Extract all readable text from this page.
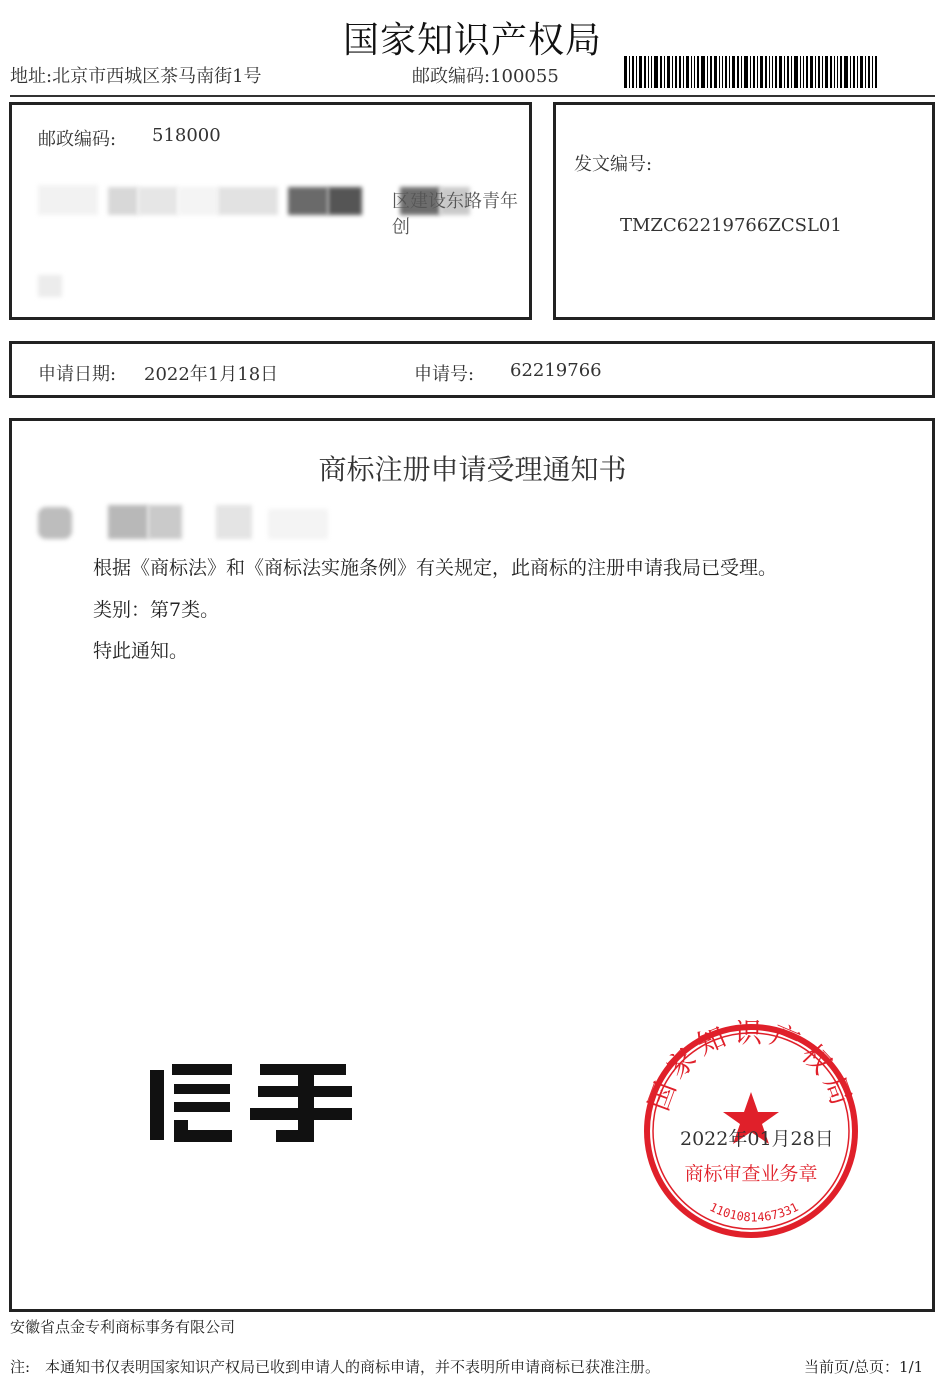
国家知识产权局
地址:北京市西城区茶马南街1号	邮政编码:100055
邮政编码: 518000
区建设东路青年创
发文编号:
TMZC62219766ZCSL01
申请日期: 2022年1月18日	申请号: 62219766
商标注册申请受理通知书
根据《商标法》和《商标法实施条例》有关规定，此商标的注册申请我局已受理。
类别：第7类。
特此通知。
国家知识产权局
商标审查业务章
1101081467331
2022年01月28日
安徽省点金专利商标事务有限公司
注:　本通知书仅表明国家知识产权局已收到申请人的商标申请，并不表明所申请商标已获准注册。	当前页/总页：1/1
